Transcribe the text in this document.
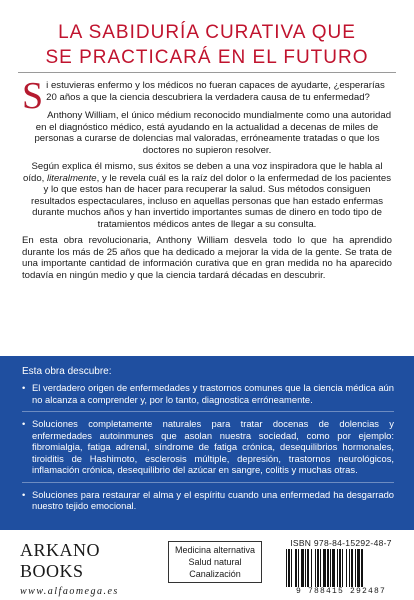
LA SABIDURÍA CURATIVA QUE
SE PRACTICARÁ EN EL FUTURO

Si estuvieras enfermo y los médicos no fueran capaces de ayudarte, ¿esperarías 20 años a que la ciencia descubriera la verdadera causa de tu enfermedad?

Anthony William, el único médium reconocido mundialmente como una autoridad en el diagnóstico médico, está ayudando en la actualidad a decenas de miles de personas a curarse de dolencias mal valoradas, erróneamente tratadas o que los doctores no supieron resolver.

Según explica él mismo, sus éxitos se deben a una voz inspiradora que le habla al oído, literalmente, y le revela cuál es la raíz del dolor o la enfermedad de los pacientes y lo que estos han de hacer para recuperar la salud. Sus métodos consiguen resultados espectaculares, incluso en aquellas personas que han estado enfermas durante muchos años y han invertido importantes sumas de dinero en todo tipo de tratamientos médicos antes de llegar a su consulta.

En esta obra revolucionaria, Anthony William desvela todo lo que ha aprendido durante los más de 25 años que ha dedicado a mejorar la vida de la gente. Se trata de una importante cantidad de información curativa que en gran medida no ha aparecido todavía en ningún medio y que la ciencia tardará décadas en descubrir.

Esta obra descubre:
• El verdadero origen de enfermedades y trastornos comunes que la ciencia médica aún no alcanza a comprender y, por lo tanto, diagnostica erróneamente.
• Soluciones completamente naturales para tratar docenas de dolencias y enfermedades autoinmunes que asolan nuestra sociedad, como por ejemplo: fibromialgia, fatiga adrenal, síndrome de fatiga crónica, desequilibrios hormonales, tiroiditis de Hashimoto, esclerosis múltiple, depresión, trastornos neurológicos, inflamación crónica, desequilibrio del azúcar en sangre, colitis y muchas otras.
• Soluciones para restaurar el alma y el espíritu cuando una enfermedad ha desgarrado nuestro tejido emocional.
ARKANO BOOKS
www.alfaomega.es
Medicina alternativa
Salud natural
Canalización
ISBN 978-84-15292-48-7
9 788415 292487
